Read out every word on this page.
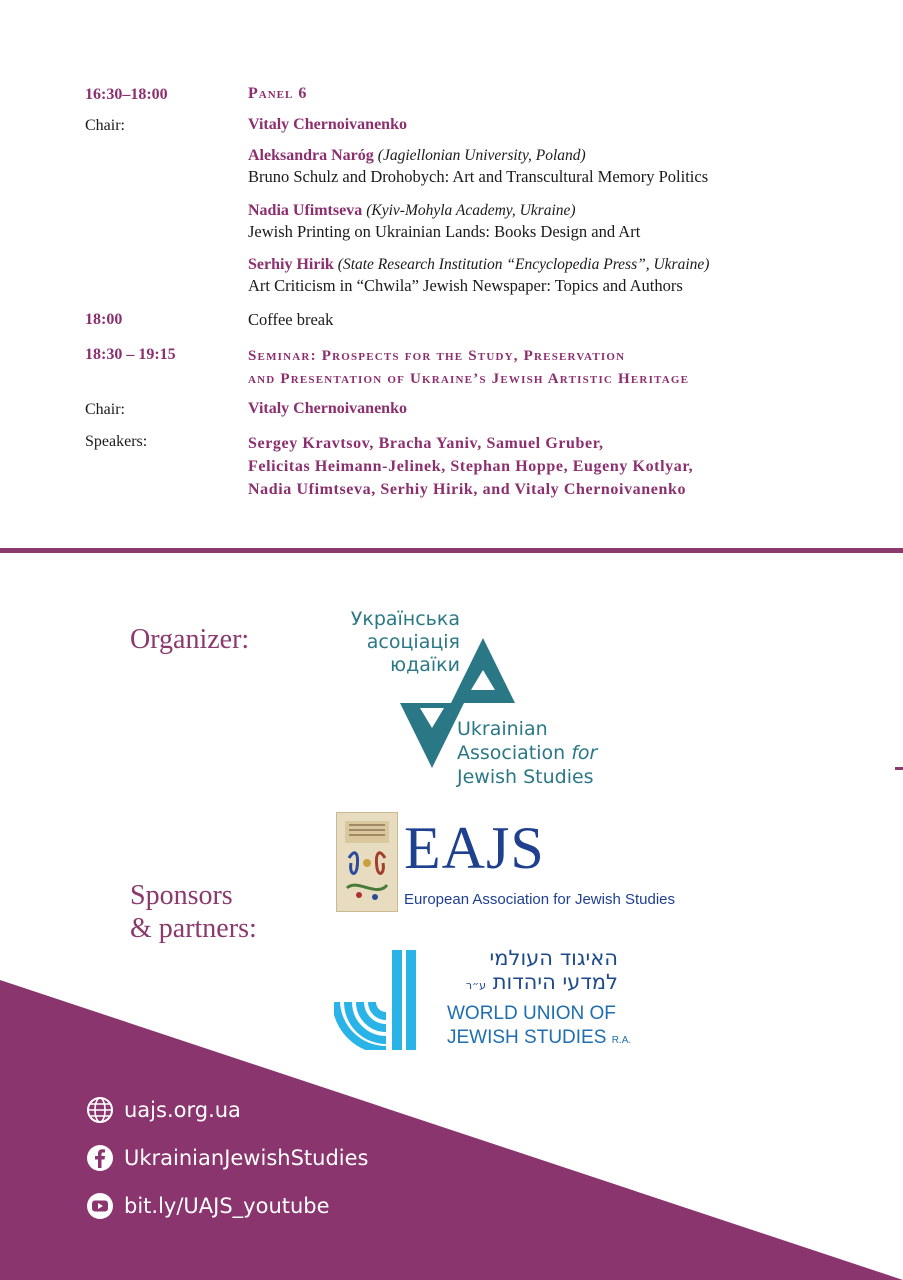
16:30–18:00	Panel 6
Chair:	Vitaly Chernoivanenko
Aleksandra Naróg (Jagiellonian University, Poland)
Bruno Schulz and Drohobych: Art and Transcultural Memory Politics
Nadia Ufimtseva (Kyiv-Mohyla Academy, Ukraine)
Jewish Printing on Ukrainian Lands: Books Design and Art
Serhiy Hirik (State Research Institution “Encyclopedia Press”, Ukraine)
Art Criticism in “Chwila” Jewish Newspaper: Topics and Authors
18:00	Coffee break
18:30 – 19:15	Seminar: Prospects for the Study, Preservation
and Presentation of Ukraine’s Jewish Artistic Heritage
Chair:	Vitaly Chernoivanenko
Speakers:	Sergey Kravtsov, Bracha Yaniv, Samuel Gruber,
Felicitas Heimann-Jelinek, Stephan Hoppe, Eugeny Kotlyar,
Nadia Ufimtseva, Serhiy Hirik, and Vitaly Chernoivanenko
Organizer:
Українська
асоціація
юдаїки
Ukrainian
Association for
Jewish Studies
Sponsors
& partners:
EAJS
European Association for Jewish Studies
האיגוד העולמי
למדעי היהדות ע״ר
WORLD UNION OF
JEWISH STUDIES R.A.
uajs.org.ua
UkrainianJewishStudies
bit.ly/UAJS_youtube
